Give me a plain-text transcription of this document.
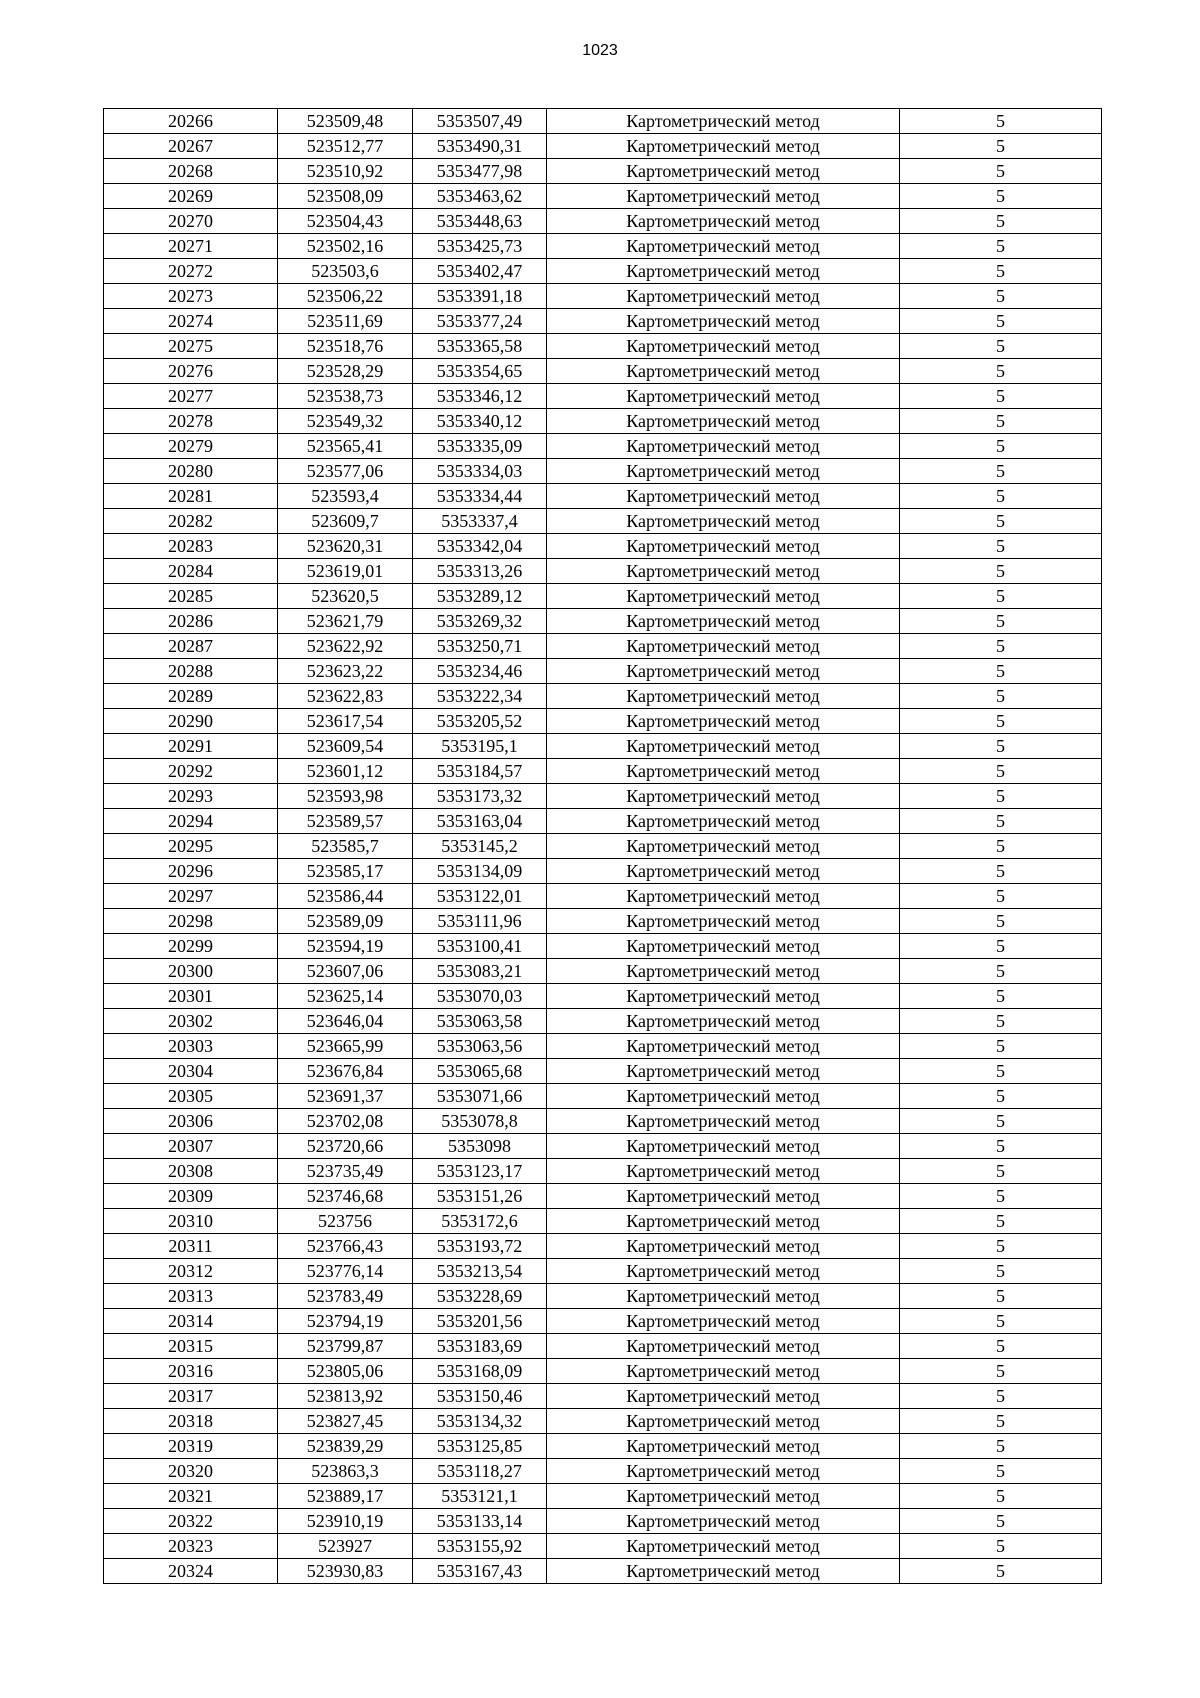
1023
20266	523509,48	5353507,49	Картометрический метод	5
20267	523512,77	5353490,31	Картометрический метод	5
20268	523510,92	5353477,98	Картометрический метод	5
20269	523508,09	5353463,62	Картометрический метод	5
20270	523504,43	5353448,63	Картометрический метод	5
20271	523502,16	5353425,73	Картометрический метод	5
20272	523503,6	5353402,47	Картометрический метод	5
20273	523506,22	5353391,18	Картометрический метод	5
20274	523511,69	5353377,24	Картометрический метод	5
20275	523518,76	5353365,58	Картометрический метод	5
20276	523528,29	5353354,65	Картометрический метод	5
20277	523538,73	5353346,12	Картометрический метод	5
20278	523549,32	5353340,12	Картометрический метод	5
20279	523565,41	5353335,09	Картометрический метод	5
20280	523577,06	5353334,03	Картометрический метод	5
20281	523593,4	5353334,44	Картометрический метод	5
20282	523609,7	5353337,4	Картометрический метод	5
20283	523620,31	5353342,04	Картометрический метод	5
20284	523619,01	5353313,26	Картометрический метод	5
20285	523620,5	5353289,12	Картометрический метод	5
20286	523621,79	5353269,32	Картометрический метод	5
20287	523622,92	5353250,71	Картометрический метод	5
20288	523623,22	5353234,46	Картометрический метод	5
20289	523622,83	5353222,34	Картометрический метод	5
20290	523617,54	5353205,52	Картометрический метод	5
20291	523609,54	5353195,1	Картометрический метод	5
20292	523601,12	5353184,57	Картометрический метод	5
20293	523593,98	5353173,32	Картометрический метод	5
20294	523589,57	5353163,04	Картометрический метод	5
20295	523585,7	5353145,2	Картометрический метод	5
20296	523585,17	5353134,09	Картометрический метод	5
20297	523586,44	5353122,01	Картометрический метод	5
20298	523589,09	5353111,96	Картометрический метод	5
20299	523594,19	5353100,41	Картометрический метод	5
20300	523607,06	5353083,21	Картометрический метод	5
20301	523625,14	5353070,03	Картометрический метод	5
20302	523646,04	5353063,58	Картометрический метод	5
20303	523665,99	5353063,56	Картометрический метод	5
20304	523676,84	5353065,68	Картометрический метод	5
20305	523691,37	5353071,66	Картометрический метод	5
20306	523702,08	5353078,8	Картометрический метод	5
20307	523720,66	5353098	Картометрический метод	5
20308	523735,49	5353123,17	Картометрический метод	5
20309	523746,68	5353151,26	Картометрический метод	5
20310	523756	5353172,6	Картометрический метод	5
20311	523766,43	5353193,72	Картометрический метод	5
20312	523776,14	5353213,54	Картометрический метод	5
20313	523783,49	5353228,69	Картометрический метод	5
20314	523794,19	5353201,56	Картометрический метод	5
20315	523799,87	5353183,69	Картометрический метод	5
20316	523805,06	5353168,09	Картометрический метод	5
20317	523813,92	5353150,46	Картометрический метод	5
20318	523827,45	5353134,32	Картометрический метод	5
20319	523839,29	5353125,85	Картометрический метод	5
20320	523863,3	5353118,27	Картометрический метод	5
20321	523889,17	5353121,1	Картометрический метод	5
20322	523910,19	5353133,14	Картометрический метод	5
20323	523927	5353155,92	Картометрический метод	5
20324	523930,83	5353167,43	Картометрический метод	5
